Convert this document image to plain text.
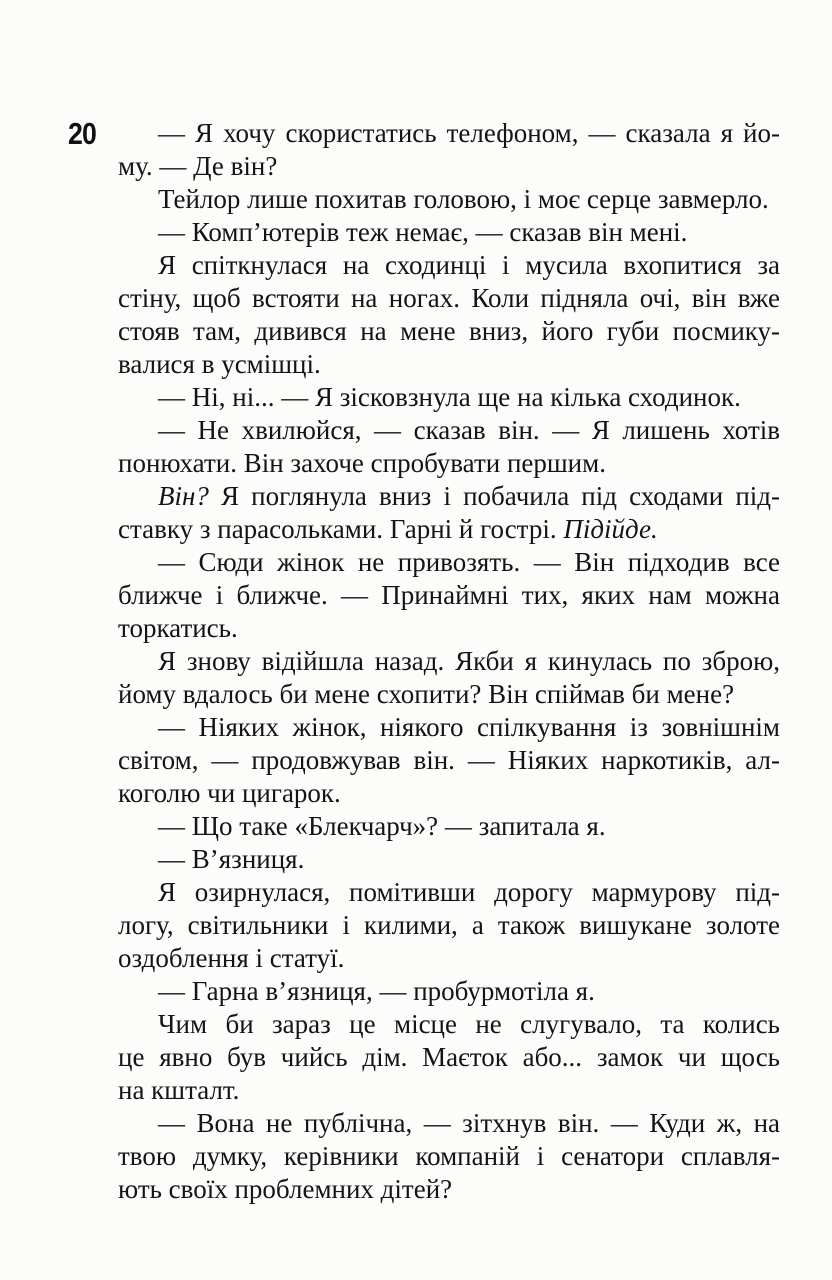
20	— Я хочу скористатись телефоном, — сказала я йо-
му. — Де він?
Тейлор лише похитав головою, і моє серце завмерло.
— Комп’ютерів теж немає, — сказав він мені.
Я спіткнулася на сходинці і мусила вхопитися за
стіну, щоб встояти на ногах. Коли підняла очі, він вже
стояв там, дивився на мене вниз, його губи посмику-
валися в усмішці.
— Ні, ні... — Я зісковзнула ще на кілька сходинок.
— Не хвилюйся, — сказав він. — Я лишень хотів
понюхати. Він захоче спробувати першим.
Він? Я поглянула вниз і побачила під сходами під-
ставку з парасольками. Гарні й гострі. Підійде.
— Сюди жінок не привозять. — Він підходив все
ближче і ближче. — Принаймні тих, яких нам можна
торкатись.
Я знову відійшла назад. Якби я кинулась по зброю,
йому вдалось би мене схопити? Він спіймав би мене?
— Ніяких жінок, ніякого спілкування із зовнішнім
світом, — продовжував він. — Ніяких наркотиків, ал-
коголю чи цигарок.
— Що таке «Блекчарч»? — запитала я.
— В’язниця.
Я озирнулася, помітивши дорогу мармурову під-
логу, світильники і килими, а також вишукане золоте
оздоблення і статуї.
— Гарна в’язниця, — пробурмотіла я.
Чим би зараз це місце не слугувало, та колись
це явно був чийсь дім. Маєток або... замок чи щось
на кшталт.
— Вона не публічна, — зітхнув він. — Куди ж, на
твою думку, керівники компаній і сенатори сплавля-
ють своїх проблемних дітей?
